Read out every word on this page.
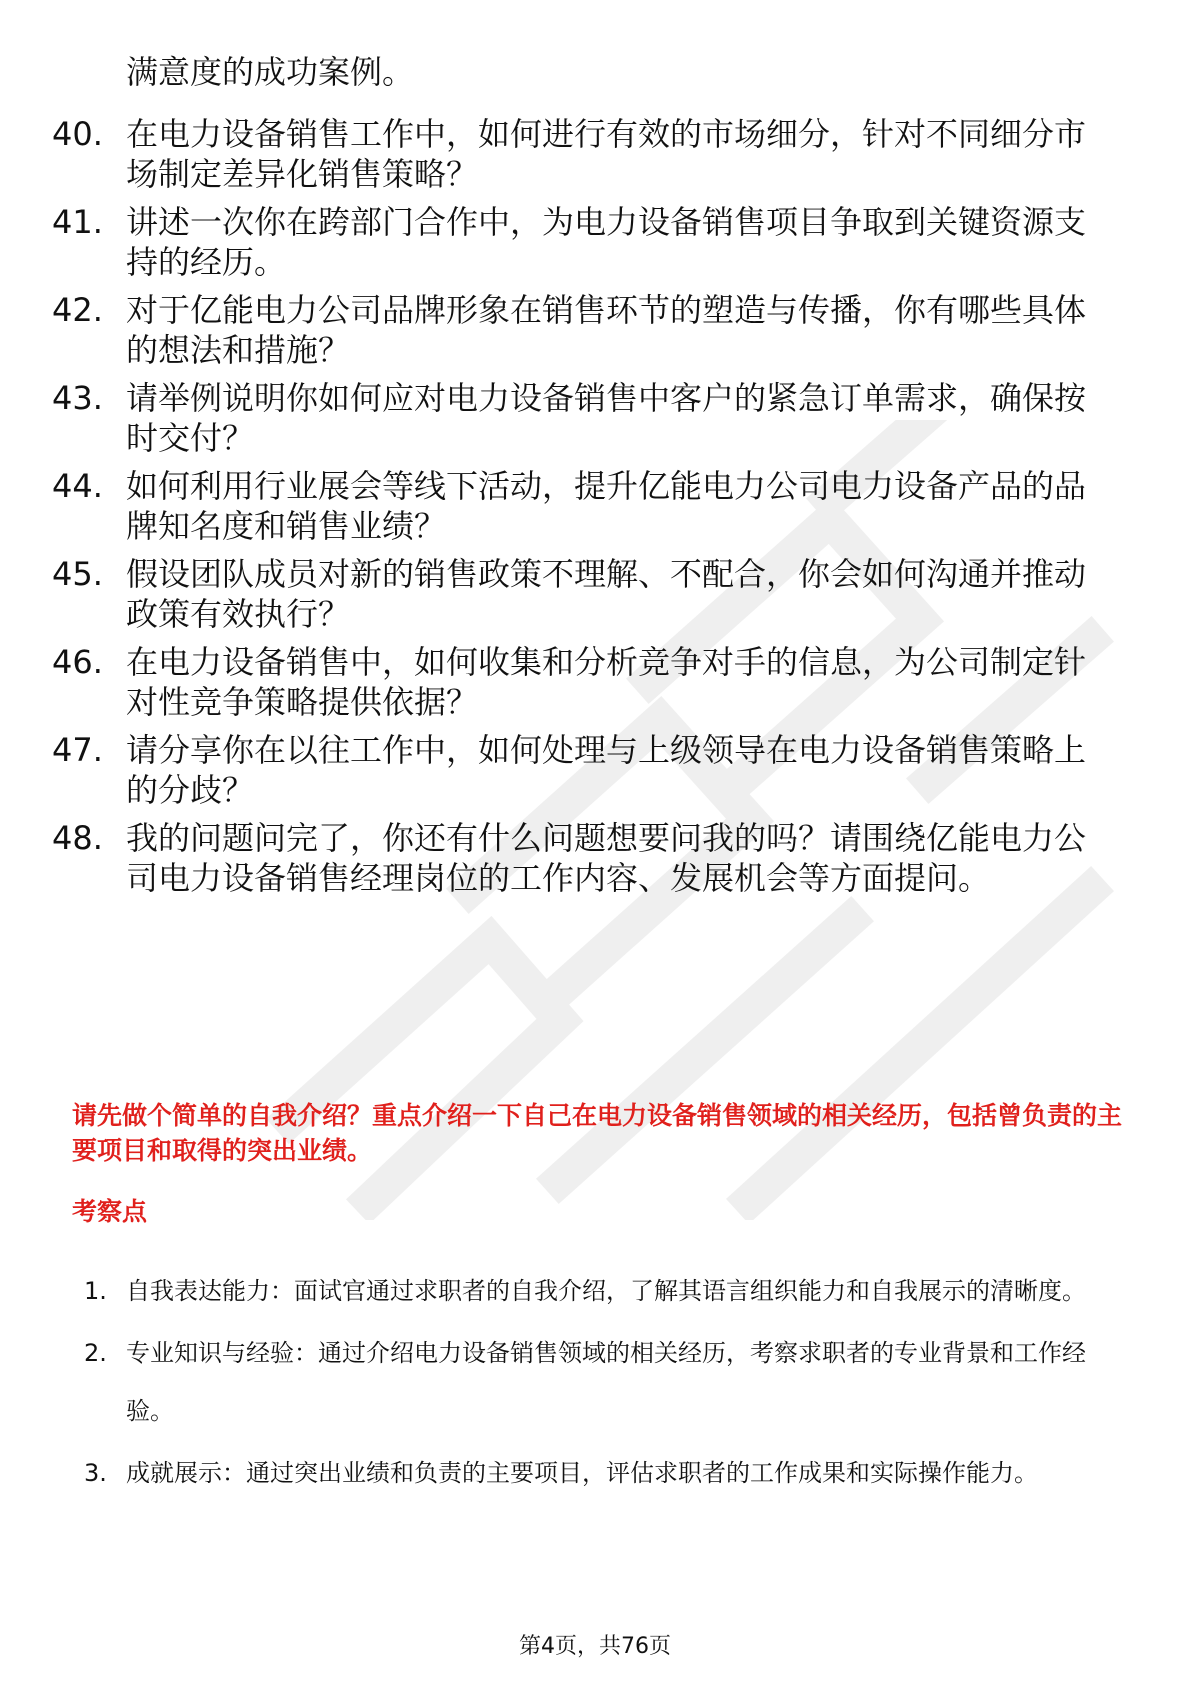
满意度的成功案例。
40. 在电力设备销售工作中，如何进行有效的市场细分，针对不同细分市场制定差异化销售策略？
41. 讲述一次你在跨部门合作中，为电力设备销售项目争取到关键资源支持的经历。
42. 对于亿能电力公司品牌形象在销售环节的塑造与传播，你有哪些具体的想法和措施？
43. 请举例说明你如何应对电力设备销售中客户的紧急订单需求，确保按时交付？
44. 如何利用行业展会等线下活动，提升亿能电力公司电力设备产品的品牌知名度和销售业绩？
45. 假设团队成员对新的销售政策不理解、不配合，你会如何沟通并推动政策有效执行？
46. 在电力设备销售中，如何收集和分析竞争对手的信息，为公司制定针对性竞争策略提供依据？
47. 请分享你在以往工作中，如何处理与上级领导在电力设备销售策略上的分歧？
48. 我的问题问完了，你还有什么问题想要问我的吗？请围绕亿能电力公司电力设备销售经理岗位的工作内容、发展机会等方面提问。
请先做个简单的自我介绍？重点介绍一下自己在电力设备销售领域的相关经历，包括曾负责的主要项目和取得的突出业绩。
考察点
1. 自我表达能力：面试官通过求职者的自我介绍，了解其语言组织能力和自我展示的清晰度。
2. 专业知识与经验：通过介绍电力设备销售领域的相关经历，考察求职者的专业背景和工作经验。
3. 成就展示：通过突出业绩和负责的主要项目，评估求职者的工作成果和实际操作能力。
第4页，共76页
